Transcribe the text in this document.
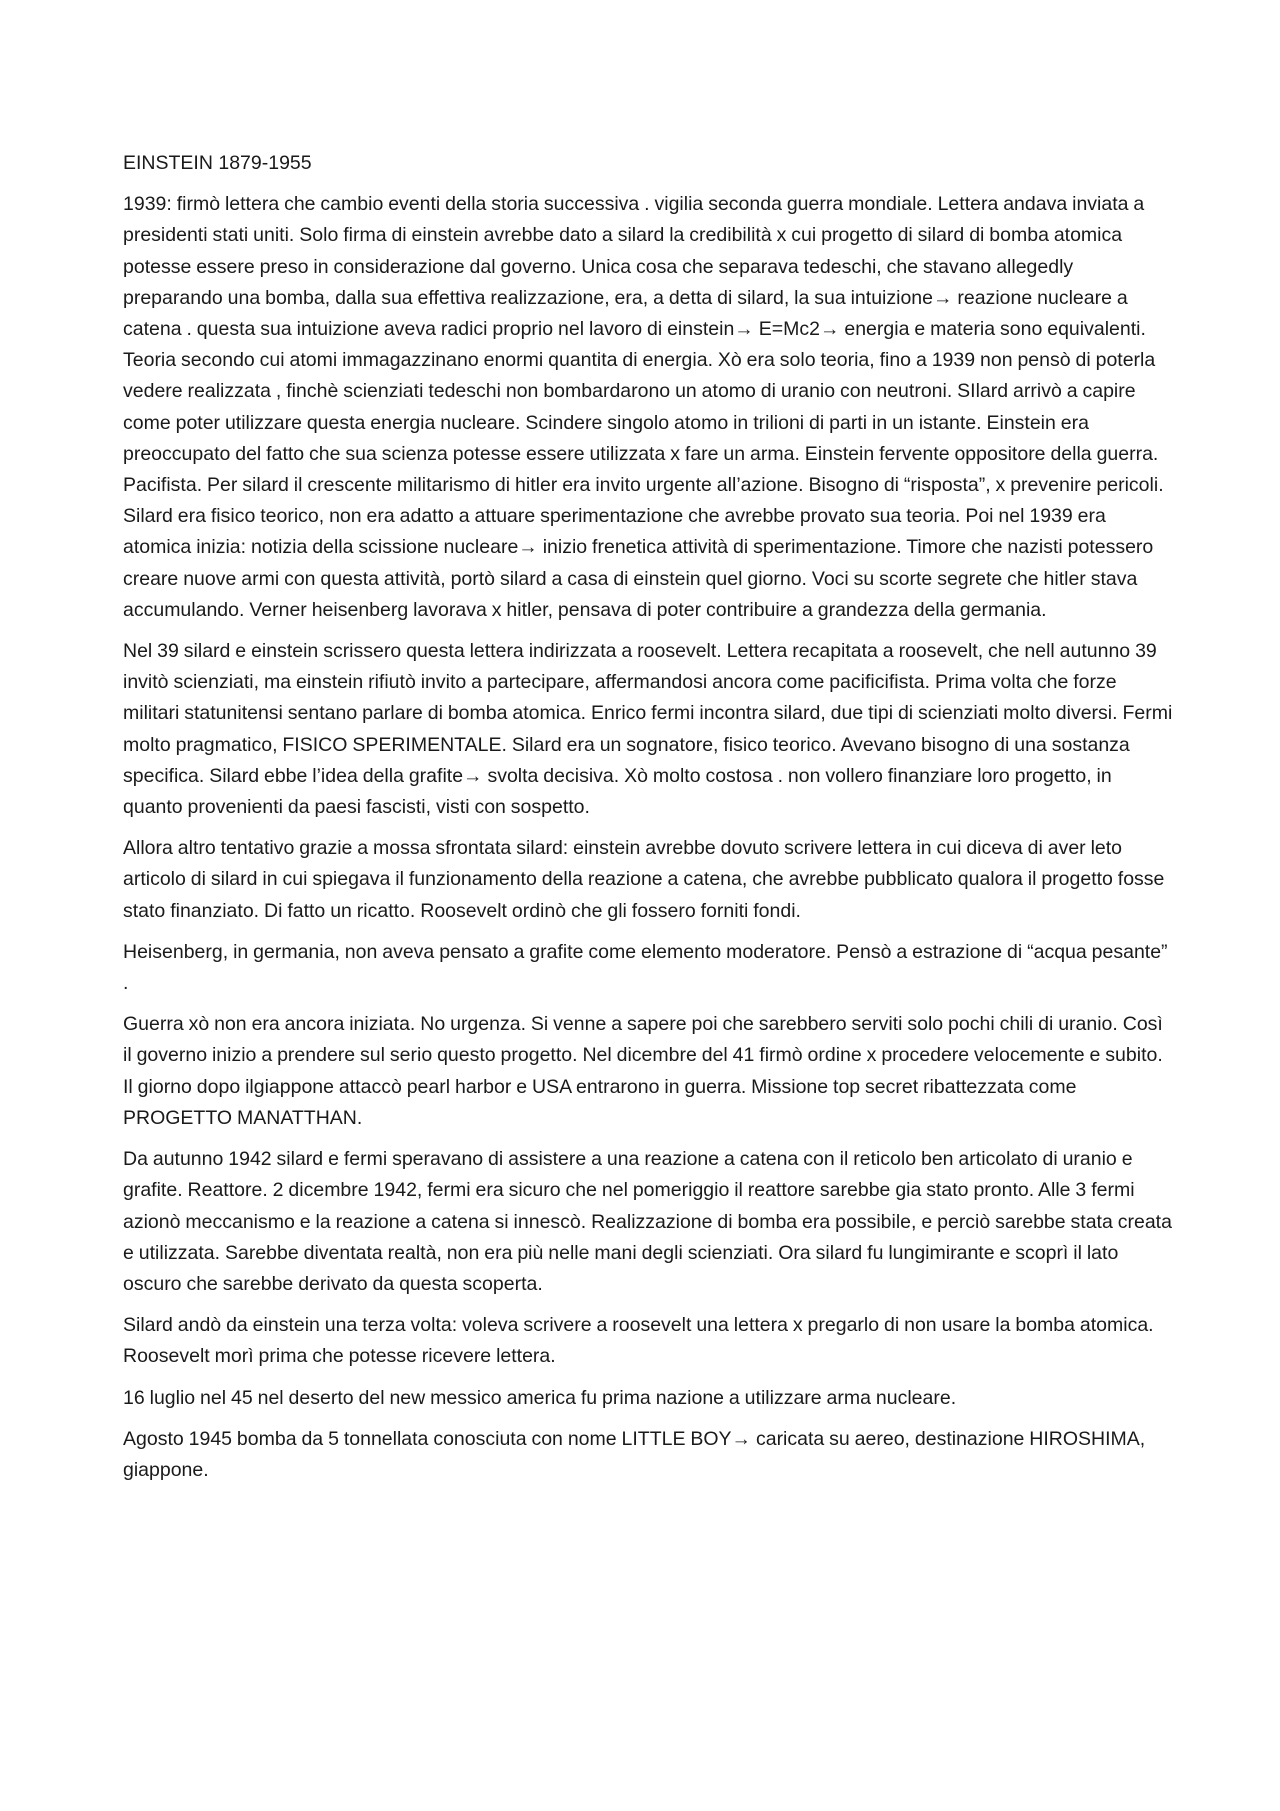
EINSTEIN 1879-1955

1939: firmò lettera che cambio eventi della storia successiva . vigilia seconda guerra mondiale. Lettera andava inviata a presidenti stati uniti. Solo firma di einstein avrebbe dato a silard la credibilità x cui progetto di silard di bomba atomica potesse essere preso in considerazione dal governo. Unica cosa che separava tedeschi, che stavano allegedly preparando una bomba, dalla sua effettiva realizzazione, era, a detta di silard, la sua intuizione→ reazione nucleare a catena . questa sua intuizione aveva radici proprio nel lavoro di einstein→ E=Mc2→ energia e materia sono equivalenti. Teoria secondo cui atomi immagazzinano enormi quantita di energia. Xò era solo teoria, fino a 1939 non pensò di poterla vedere realizzata , finchè scienziati tedeschi non bombardarono un atomo di uranio con neutroni. SIlard arrivò a capire come poter utilizzare questa energia nucleare. Scindere singolo atomo in trilioni di parti in un istante. Einstein era preoccupato del fatto che sua scienza potesse essere utilizzata x fare un arma. Einstein fervente oppositore della guerra. Pacifista. Per silard il crescente militarismo di hitler era invito urgente all’azione. Bisogno di “risposta”, x prevenire pericoli. Silard era fisico teorico, non era adatto a attuare sperimentazione che avrebbe provato sua teoria. Poi nel 1939 era atomica inizia: notizia della scissione nucleare→ inizio frenetica attività di sperimentazione. Timore che nazisti potessero creare nuove armi con questa attività, portò silard a casa di einstein quel giorno. Voci su scorte segrete che hitler stava accumulando. Verner heisenberg lavorava x hitler, pensava di poter contribuire a grandezza della germania.

Nel 39 silard e einstein scrissero questa lettera indirizzata a roosevelt. Lettera recapitata a roosevelt, che nell autunno 39 invitò scienziati, ma einstein rifiutò invito a partecipare, affermandosi ancora come pacificifista. Prima volta che forze militari statunitensi sentano parlare di bomba atomica. Enrico fermi incontra silard, due tipi di scienziati molto diversi. Fermi molto pragmatico, FISICO SPERIMENTALE. Silard era un sognatore, fisico teorico. Avevano bisogno di una sostanza specifica. Silard ebbe l’idea della grafite→ svolta decisiva. Xò molto costosa . non vollero finanziare loro progetto, in quanto provenienti da paesi fascisti, visti con sospetto.

Allora altro tentativo grazie a mossa sfrontata silard: einstein avrebbe dovuto scrivere lettera in cui diceva di aver leto articolo di silard in cui spiegava il funzionamento della reazione a catena, che avrebbe pubblicato qualora il progetto fosse stato finanziato. Di fatto un ricatto. Roosevelt ordinò che gli fossero forniti fondi.

Heisenberg, in germania, non aveva pensato a grafite come elemento moderatore. Pensò a estrazione di “acqua pesante” .

Guerra xò non era ancora iniziata. No urgenza. Si venne a sapere poi che sarebbero serviti solo pochi chili di uranio. Così il governo inizio a prendere sul serio questo progetto. Nel dicembre del 41 firmò ordine x procedere velocemente e subito. Il giorno dopo ilgiappone attaccò pearl harbor e USA entrarono in guerra. Missione top secret ribattezzata come PROGETTO MANATTHAN.

Da autunno 1942 silard e fermi speravano di assistere a una reazione a catena con il reticolo ben articolato di uranio e grafite. Reattore. 2 dicembre 1942, fermi era sicuro che nel pomeriggio il reattore sarebbe gia stato pronto. Alle 3 fermi azionò meccanismo e la reazione a catena si innescò. Realizzazione di bomba era possibile, e perciò sarebbe stata creata e utilizzata. Sarebbe diventata realtà, non era più nelle mani degli scienziati. Ora silard fu lungimirante e scoprì il lato oscuro che sarebbe derivato da questa scoperta.

Silard andò da einstein una terza volta: voleva scrivere a roosevelt una lettera x pregarlo di non usare la bomba atomica. Roosevelt morì prima che potesse ricevere lettera.

16 luglio nel 45 nel deserto del new messico america fu prima nazione a utilizzare arma nucleare.

Agosto 1945 bomba da 5 tonnellata conosciuta con nome LITTLE BOY→ caricata su aereo, destinazione HIROSHIMA, giappone.
